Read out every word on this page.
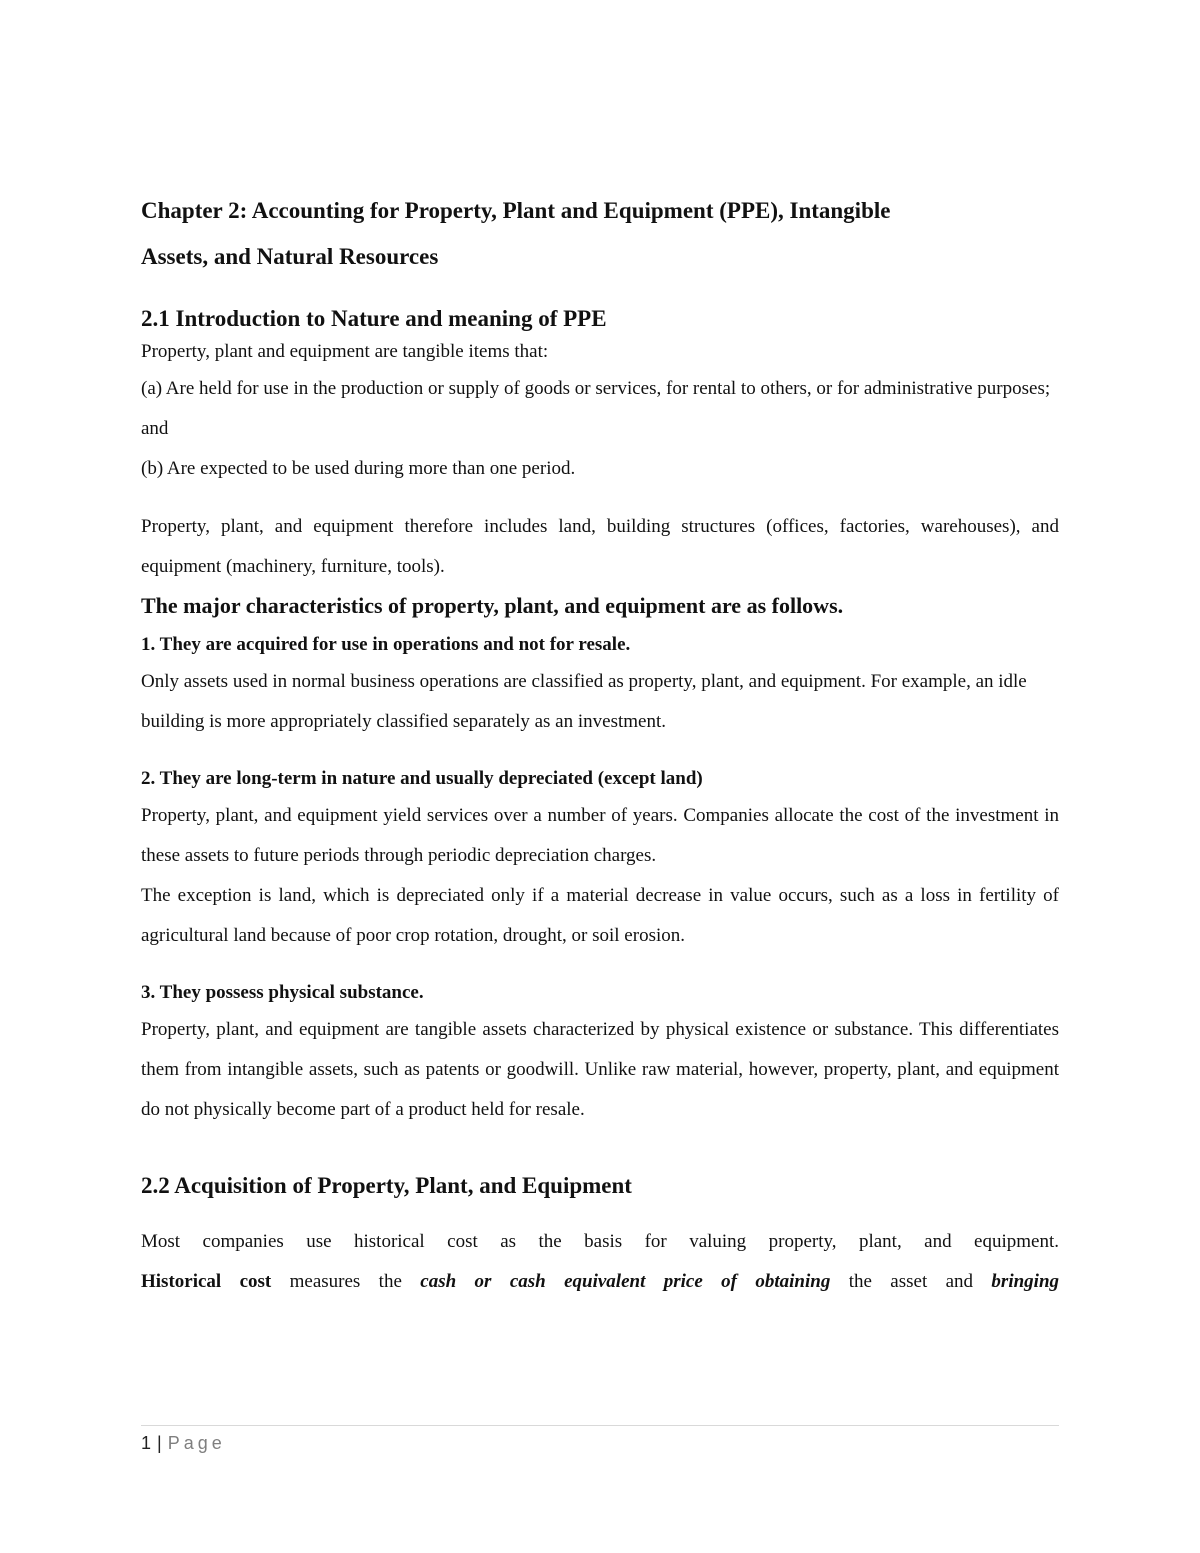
Chapter 2: Accounting for Property, Plant and Equipment (PPE), Intangible
Assets, and Natural Resources

2.1 Introduction to Nature and meaning of PPE

Property, plant and equipment are tangible items that:

(a) Are held for use in the production or supply of goods or services, for rental to others, or for administrative purposes; and

(b) Are expected to be used during more than one period.

Property, plant, and equipment therefore includes land, building structures (offices, factories, warehouses), and equipment (machinery, furniture, tools).

The major characteristics of property, plant, and equipment are as follows.

1. They are acquired for use in operations and not for resale.

Only assets used in normal business operations are classified as property, plant, and equipment. For example, an idle building is more appropriately classified separately as an investment.

2. They are long-term in nature and usually depreciated (except land)

Property, plant, and equipment yield services over a number of years. Companies allocate the cost of the investment in these assets to future periods through periodic depreciation charges.

The exception is land, which is depreciated only if a material decrease in value occurs, such as a loss in fertility of agricultural land because of poor crop rotation, drought, or soil erosion.

3. They possess physical substance.

Property, plant, and equipment are tangible assets characterized by physical existence or substance. This differentiates them from intangible assets, such as patents or goodwill. Unlike raw material, however, property, plant, and equipment do not physically become part of a product held for resale.

2.2 Acquisition of Property, Plant, and Equipment

Most companies use historical cost as the basis for valuing property, plant, and equipment.
Historical cost measures the cash or cash equivalent price of obtaining the asset and bringing

1 | Page
